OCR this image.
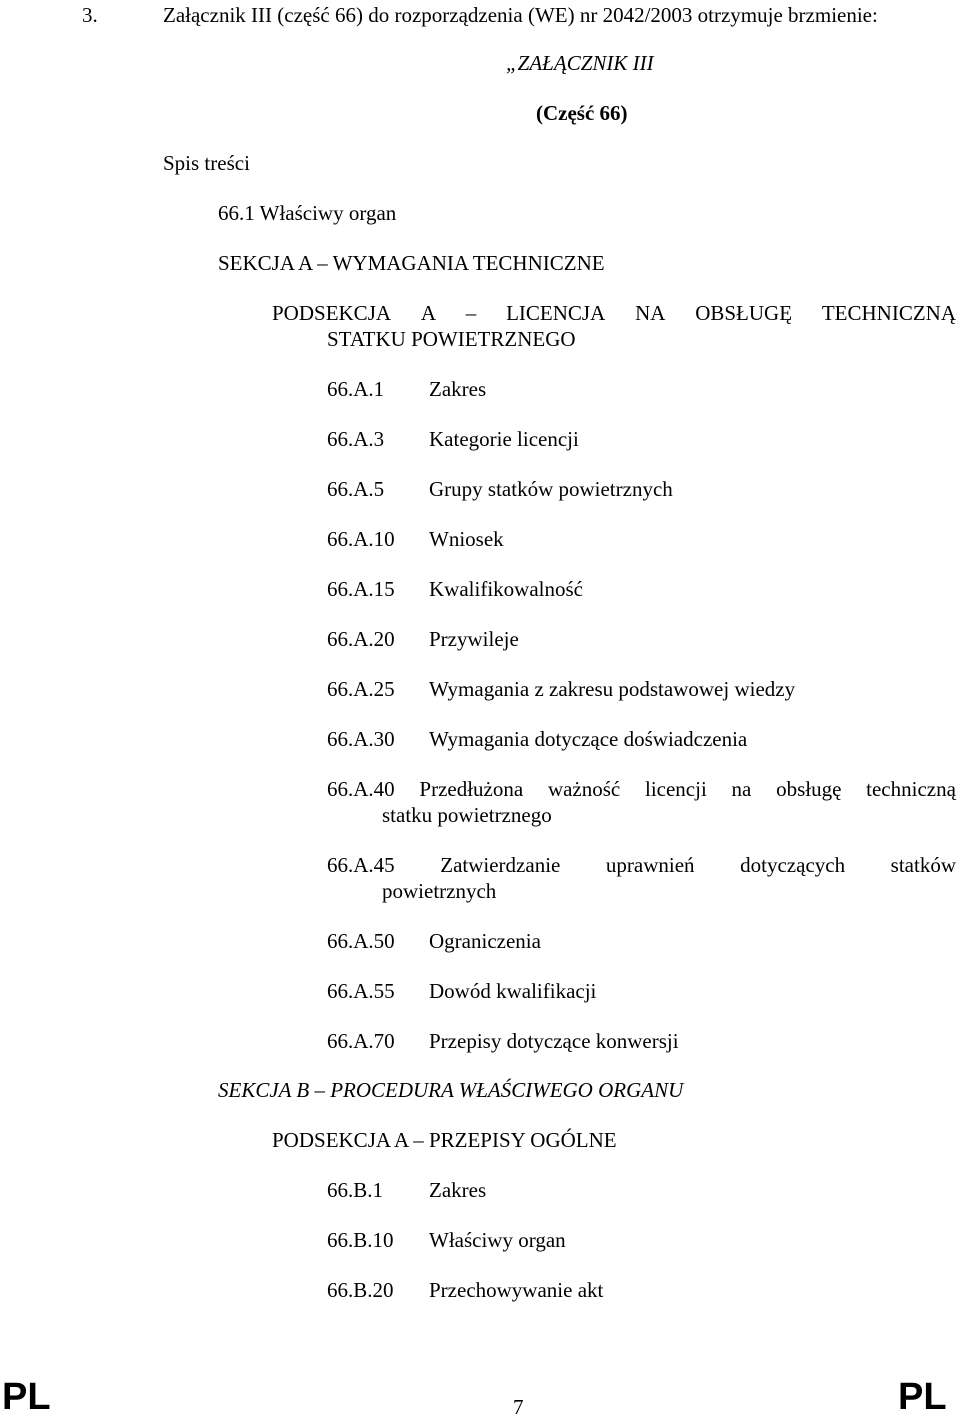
3.	Załącznik III (część 66) do rozporządzenia (WE) nr 2042/2003 otrzymuje brzmienie:
„ZAŁĄCZNIK III
(Część 66)
Spis treści
66.1 Właściwy organ
SEKCJA A – WYMAGANIA TECHNICZNE
PODSEKCJA A – LICENCJA NA OBSŁUGĘ TECHNICZNĄ
STATKU POWIETRZNEGO
66.A.1 Zakres
66.A.3 Kategorie licencji
66.A.5 Grupy statków powietrznych
66.A.10 Wniosek
66.A.15 Kwalifikowalność
66.A.20 Przywileje
66.A.25 Wymagania z zakresu podstawowej wiedzy
66.A.30 Wymagania dotyczące doświadczenia
66.A.40 Przedłużona ważność licencji na obsługę techniczną
statku powietrznego
66.A.45 Zatwierdzanie uprawnień dotyczących statków
powietrznych
66.A.50 Ograniczenia
66.A.55 Dowód kwalifikacji
66.A.70 Przepisy dotyczące konwersji
SEKCJA B – PROCEDURA WŁAŚCIWEGO ORGANU
PODSEKCJA A – PRZEPISY OGÓLNE
66.B.1 Zakres
66.B.10 Właściwy organ
66.B.20 Przechowywanie akt
PL	7	PL
